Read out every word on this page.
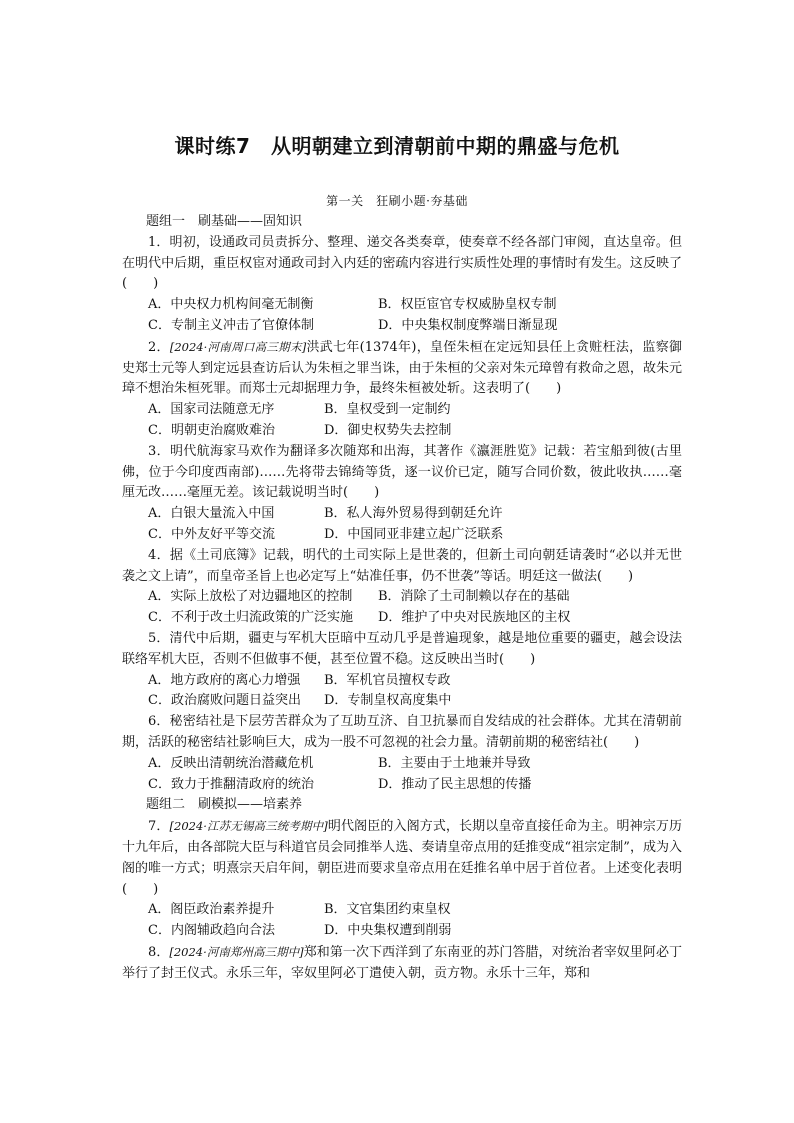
课时练7　从明朝建立到清朝前中期的鼎盛与危机
第一关　狂刷小题·夯基础
题组一　刷基础——固知识

1．明初，设通政司员责拆分、整理、递交各类奏章，使奏章不经各部门审阅，直达皇帝。但在明代中后期，重臣权宦对通政司封入内廷的密疏内容进行实质性处理的事情时有发生。这反映了(　　)

A．中央权力机构间毫无制衡	B．权臣宦官专权威胁皇权专制
C．专制主义冲击了官僚体制	D．中央集权制度弊端日渐显现

2．[2024·河南周口高三期末]洪武七年(1374年)，皇侄朱桓在定远知县任上贪赃枉法，监察御史郑士元等人到定远县查访后认为朱桓之罪当诛，由于朱桓的父亲对朱元璋曾有救命之恩，故朱元璋不想治朱桓死罪。而郑士元却据理力争，最终朱桓被处斩。这表明了(　　)

A．国家司法随意无序	B．皇权受到一定制约
C．明朝吏治腐败难治	D．御史权势失去控制

3．明代航海家马欢作为翻译多次随郑和出海，其著作《瀛涯胜览》记载：若宝船到彼(古里佛，位于今印度西南部)……先将带去锦绮等货，逐一议价已定，随写合同价数，彼此收执……毫厘无改……毫厘无差。该记载说明当时(　　)

A．白银大量流入中国	B．私人海外贸易得到朝廷允许
C．中外友好平等交流	D．中国同亚非建立起广泛联系

4．据《土司底簿》记载，明代的土司实际上是世袭的，但新土司向朝廷请袭时“必以并无世袭之文上请”，而皇帝圣旨上也必定写上“姑准任事，仍不世袭”等话。明廷这一做法(　　)

A．实际上放松了对边疆地区的控制 B．消除了土司制赖以存在的基础
C．不利于改土归流政策的广泛实施 D．维护了中央对民族地区的主权

5．清代中后期，疆吏与军机大臣暗中互动几乎是普遍现象，越是地位重要的疆吏，越会设法联络军机大臣，否则不但做事不便，甚至位置不稳。这反映出当时(　　)

A．地方政府的离心力增强 B．军机官员擅权专政
C．政治腐败问题日益突出 D．专制皇权高度集中

6．秘密结社是下层劳苦群众为了互助互济、自卫抗暴而自发结成的社会群体。尤其在清朝前期，活跃的秘密结社影响巨大，成为一股不可忽视的社会力量。清朝前期的秘密结社(　　)

A．反映出清朝统治潜藏危机	B．主要由于土地兼并导致
C．致力于推翻清政府的统治	D．推动了民主思想的传播
题组二　刷模拟——培素养

7．[2024·江苏无锡高三统考期中]明代阁臣的入阁方式，长期以皇帝直接任命为主。明神宗万历十九年后，由各部院大臣与科道官员会同推举人选、奏请皇帝点用的廷推变成“祖宗定制”，成为入阁的唯一方式；明熹宗天启年间，朝臣进而要求皇帝点用在廷推名单中居于首位者。上述变化表明(　　)

A．阁臣政治素养提升	B．文官集团约束皇权
C．内阁辅政趋向合法	D．中央集权遭到削弱

8．[2024·河南郑州高三期中]郑和第一次下西洋到了东南亚的苏门答腊，对统治者宰奴里阿必丁举行了封王仪式。永乐三年，宰奴里阿必丁遣使入朝，贡方物。永乐十三年，郑和
